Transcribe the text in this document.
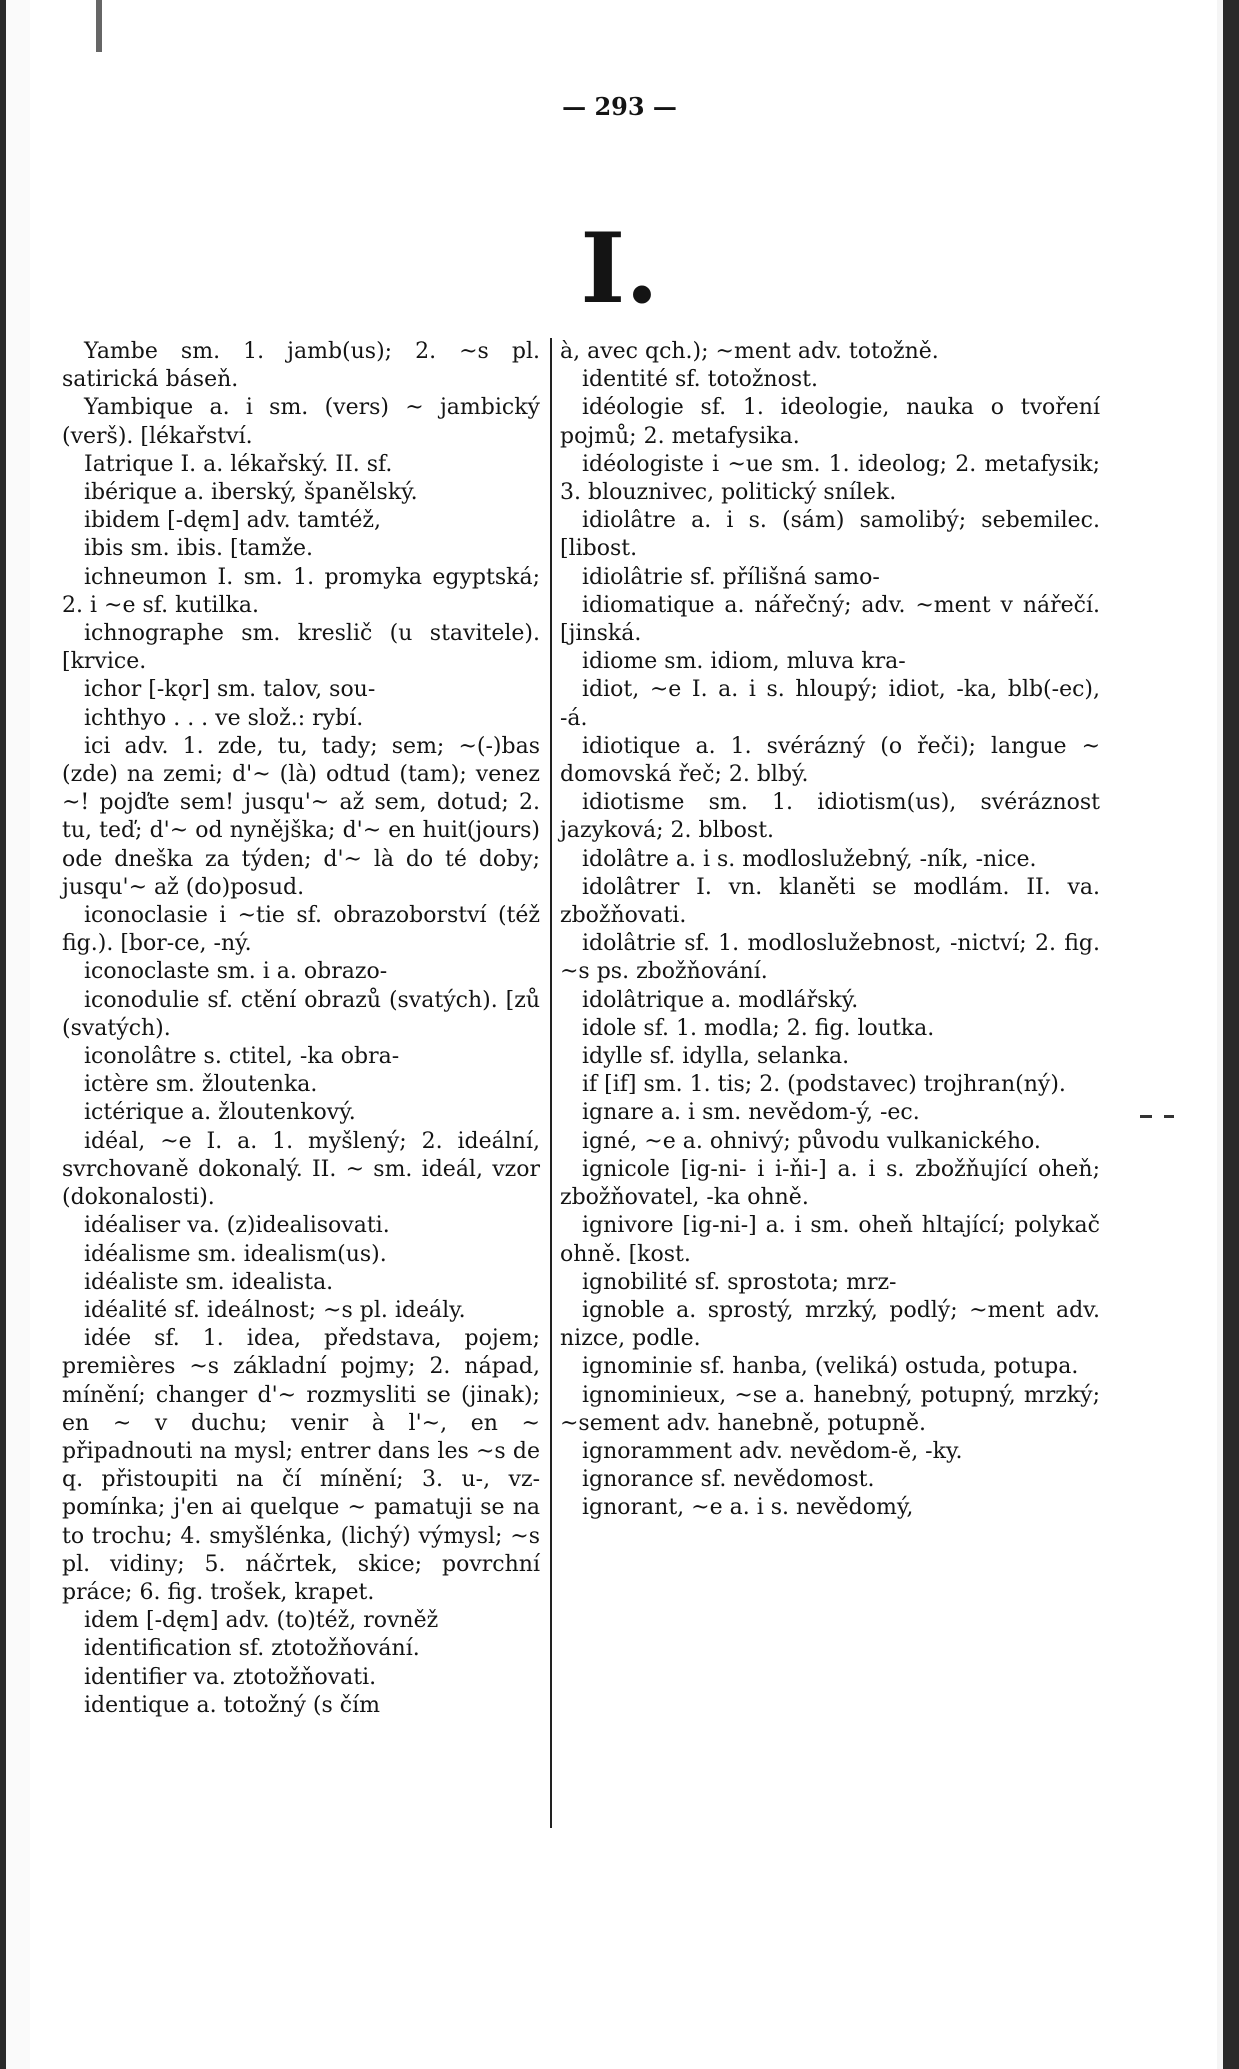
— 293 —
I.

Yambe sm. 1. jamb(us); 2. ~s pl. satirická báseň.

Yambique a. i sm. (vers) ~ jambický (verš). [lékařství.

Iatrique I. a. lékařský. II. sf.

ibérique a. iberský, španělský.

ibidem [-dęm] adv. tamtéž,

ibis sm. ibis. [tamže.

ichneumon I. sm. 1. promyka egyptská; 2. i ~e sf. kutilka.

ichnographe sm. kreslič (u stavitele). [krvice.

ichor [-kǫr] sm. talov, sou-

ichthyo . . . ve slož.: rybí.

ici adv. 1. zde, tu, tady; sem; ~(-)bas (zde) na zemi; d'~ (là) odtud (tam); venez ~! pojďte sem! jusqu'~ až sem, dotud; 2. tu, teď; d'~ od nynějška; d'~ en huit(jours) ode dneška za týden; d'~ là do té doby; jusqu'~ až (do)posud.

iconoclasie i ~tie sf. obrazoborství (též fig.). [bor-ce, -ný.

iconoclaste sm. i a. obrazo-

iconodulie sf. ctění obrazů (svatých). [zů (svatých).

iconolâtre s. ctitel, -ka obra-

ictère sm. žloutenka.

ictérique a. žloutenkový.

idéal, ~e I. a. 1. myšlený; 2. ideální, svrchovaně dokonalý. II. ~ sm. ideál, vzor (dokonalosti).

idéaliser va. (z)idealisovati.

idéalisme sm. idealism(us).

idéaliste sm. idealista.

idéalité sf. ideálnost; ~s pl. ideály.

idée sf. 1. idea, představa, pojem; premières ~s základní pojmy; 2. nápad, mínění; changer d'~ rozmysliti se (jinak); en ~ v duchu; venir à l'~, en ~ připadnouti na mysl; entrer dans les ~s de q. přistoupiti na čí mínění; 3. u-, vz-pomínka; j'en ai quelque ~ pamatuji se na to trochu; 4. smyšlénka, (lichý) výmysl; ~s pl. vidiny; 5. náčrtek, skice; povrchní práce; 6. fig. trošek, krapet.

idem [-dęm] adv. (to)též, rovněž

identification sf. ztotožňování.

identifier va. ztotožňovati.

identique a. totožný (s čím

à, avec qch.); ~ment adv. totožně.

identité sf. totožnost.

idéologie sf. 1. ideologie, nauka o tvoření pojmů; 2. metafysika.

idéologiste i ~ue sm. 1. ideolog; 2. metafysik; 3. blouznivec, politický snílek.

idiolâtre a. i s. (sám) samolibý; sebemilec. [libost.

idiolâtrie sf. přílišná samo-

idiomatique a. nářečný; adv. ~ment v nářečí. [jinská.

idiome sm. idiom, mluva kra-

idiot, ~e I. a. i s. hloupý; idiot, -ka, blb(-ec), -á.

idiotique a. 1. svérázný (o řeči); langue ~ domovská řeč; 2. blbý.

idiotisme sm. 1. idiotism(us), svéráznost jazyková; 2. blbost.

idolâtre a. i s. modloslužebný, -ník, -nice.

idolâtrer I. vn. klaněti se modlám. II. va. zbožňovati.

idolâtrie sf. 1. modloslužebnost, -nictví; 2. fig. ~s ps. zbožňování.

idolâtrique a. modlářský.

idole sf. 1. modla; 2. fig. loutka.

idylle sf. idylla, selanka.

if [if] sm. 1. tis; 2. (podstavec) trojhran(ný).

ignare a. i sm. nevědom-ý, -ec.

igné, ~e a. ohnivý; původu vulkanického.

ignicole [ig-ni- i i-ňi-] a. i s. zbožňující oheň; zbožňovatel, -ka ohně.

ignivore [ig-ni-] a. i sm. oheň hltající; polykač ohně. [kost.

ignobilité sf. sprostota; mrz-

ignoble a. sprostý, mrzký, podlý; ~ment adv. nizce, podle.

ignominie sf. hanba, (veliká) ostuda, potupa.

ignominieux, ~se a. hanebný, potupný, mrzký; ~sement adv. hanebně, potupně.

ignoramment adv. nevědom-ě, -ky.

ignorance sf. nevědomost.

ignorant, ~e a. i s. nevědomý,
